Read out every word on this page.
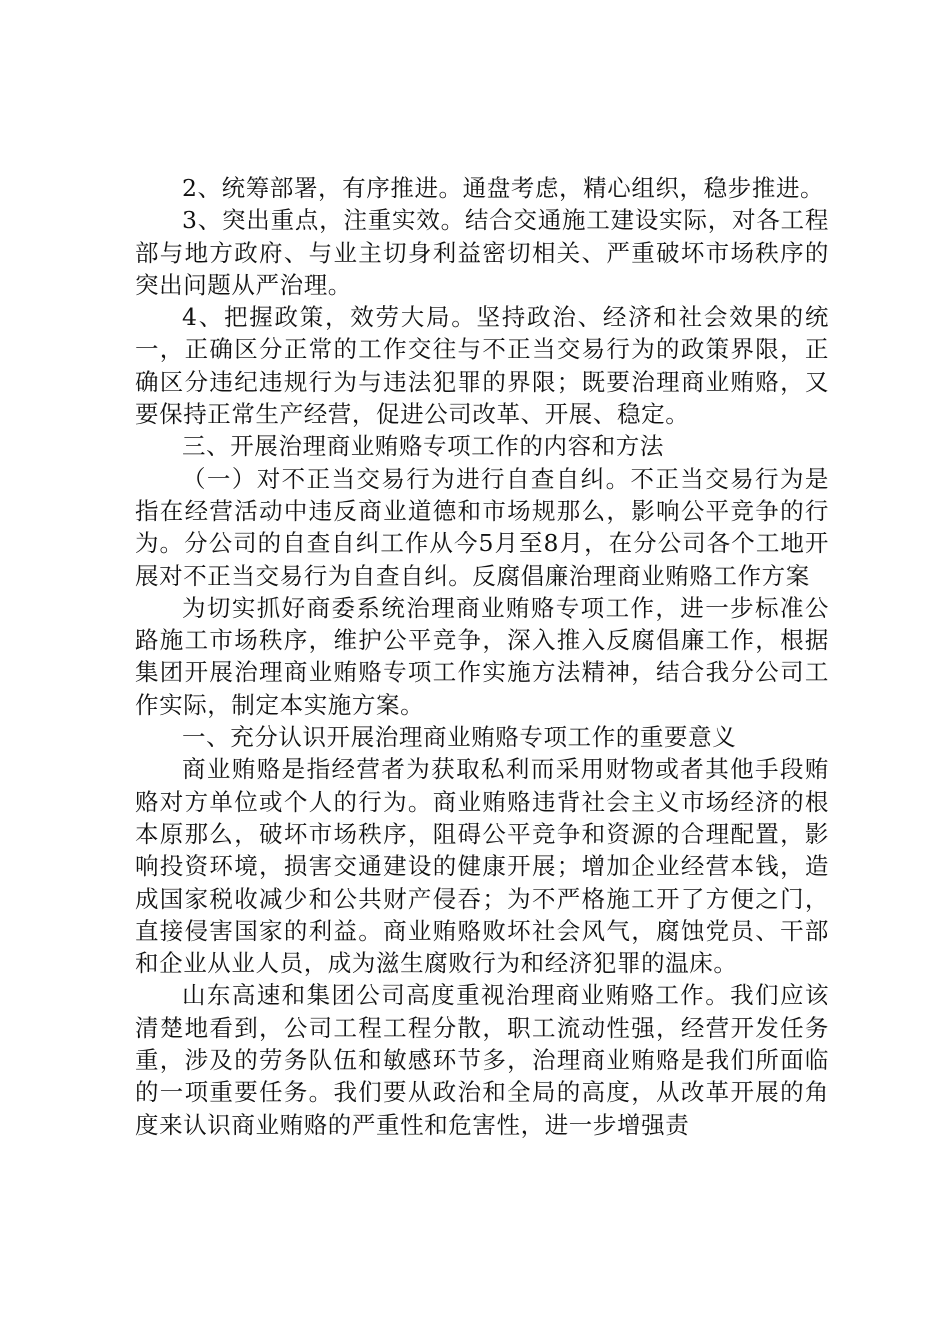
2、统筹部署，有序推进。通盘考虑，精心组织，稳步推进。

3、突出重点，注重实效。结合交通施工建设实际，对各工程部与地方政府、与业主切身利益密切相关、严重破坏市场秩序的突出问题从严治理。

4、把握政策，效劳大局。坚持政治、经济和社会效果的统一，正确区分正常的工作交往与不正当交易行为的政策界限，正确区分违纪违规行为与违法犯罪的界限；既要治理商业贿赂，又要保持正常生产经营，促进公司改革、开展、稳定。

三、开展治理商业贿赂专项工作的内容和方法

（一）对不正当交易行为进行自查自纠。不正当交易行为是指在经营活动中违反商业道德和市场规那么，影响公平竞争的行为。分公司的自查自纠工作从今5月至8月，在分公司各个工地开展对不正当交易行为自查自纠。反腐倡廉治理商业贿赂工作方案

为切实抓好商委系统治理商业贿赂专项工作，进一步标准公路施工市场秩序，维护公平竞争，深入推入反腐倡廉工作，根据集团开展治理商业贿赂专项工作实施方法精神，结合我分公司工作实际，制定本实施方案。

一、充分认识开展治理商业贿赂专项工作的重要意义

商业贿赂是指经营者为获取私利而采用财物或者其他手段贿赂对方单位或个人的行为。商业贿赂违背社会主义市场经济的根本原那么，破坏市场秩序，阻碍公平竞争和资源的合理配置，影响投资环境，损害交通建设的健康开展；增加企业经营本钱，造成国家税收减少和公共财产侵吞；为不严格施工开了方便之门，直接侵害国家的利益。商业贿赂败坏社会风气，腐蚀党员、干部和企业从业人员，成为滋生腐败行为和经济犯罪的温床。

山东高速和集团公司高度重视治理商业贿赂工作。我们应该清楚地看到，公司工程工程分散，职工流动性强，经营开发任务重，涉及的劳务队伍和敏感环节多，治理商业贿赂是我们所面临的一项重要任务。我们要从政治和全局的高度，从改革开展的角度来认识商业贿赂的严重性和危害性，进一步增强责
